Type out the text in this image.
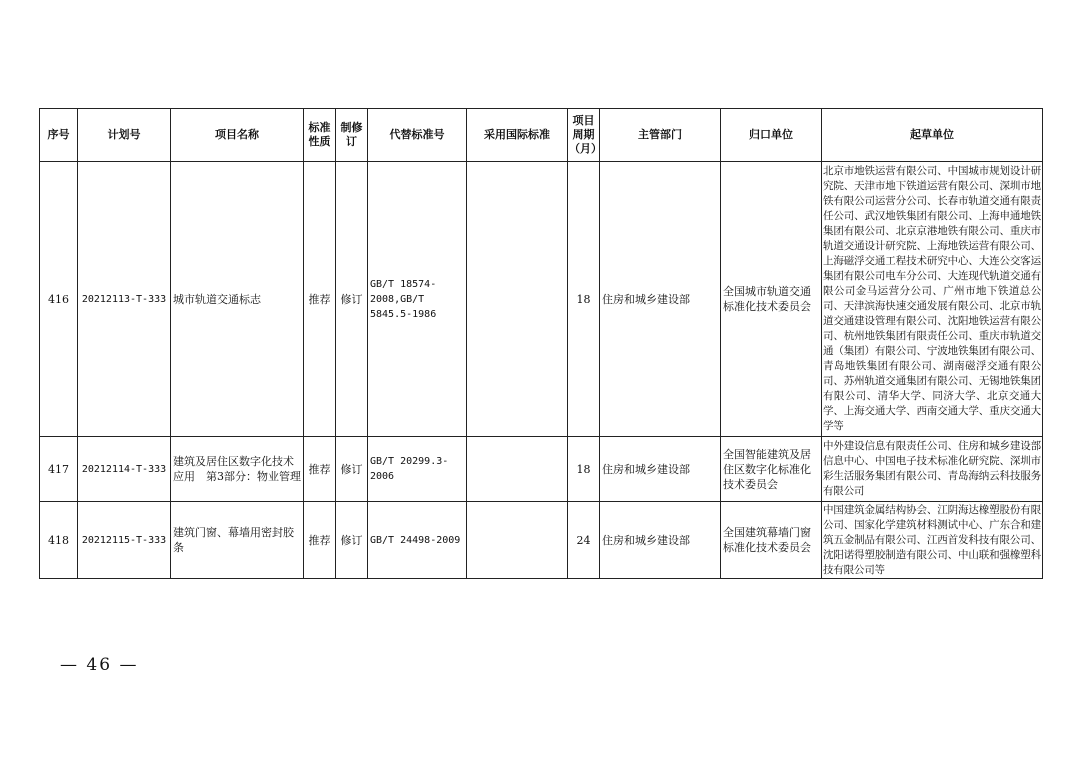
序号	计划号	项目名称	标准性质	制修订	代替标准号	采用国际标准	项目周期（月）	主管部门	归口单位	起草单位
416	20212113-T-333	城市轨道交通标志	推荐	修订	GB/T 18574-2008,GB/T 5845.5-1986		18	住房和城乡建设部	全国城市轨道交通标准化技术委员会	北京市地铁运营有限公司、中国城市规划设计研究院、天津市地下铁道运营有限公司、深圳市地铁有限公司运营分公司、长春市轨道交通有限责任公司、武汉地铁集团有限公司、上海申通地铁集团有限公司、北京京港地铁有限公司、重庆市轨道交通设计研究院、上海地铁运营有限公司、上海磁浮交通工程技术研究中心、大连公交客运集团有限公司电车分公司、大连现代轨道交通有限公司金马运营分公司、广州市地下铁道总公司、天津滨海快速交通发展有限公司、北京市轨道交通建设管理有限公司、沈阳地铁运营有限公司、杭州地铁集团有限责任公司、重庆市轨道交通（集团）有限公司、宁波地铁集团有限公司、青岛地铁集团有限公司、湖南磁浮交通有限公司、苏州轨道交通集团有限公司、无锡地铁集团有限公司、清华大学、同济大学、北京交通大学、上海交通大学、西南交通大学、重庆交通大学等
417	20212114-T-333	建筑及居住区数字化技术应用　第3部分：物业管理	推荐	修订	GB/T 20299.3-2006		18	住房和城乡建设部	全国智能建筑及居住区数字化标准化技术委员会	中外建设信息有限责任公司、住房和城乡建设部信息中心、中国电子技术标准化研究院、深圳市彩生活服务集团有限公司、青岛海纳云科技服务有限公司
418	20212115-T-333	建筑门窗、幕墙用密封胶条	推荐	修订	GB/T 24498-2009		24	住房和城乡建设部	全国建筑幕墙门窗标准化技术委员会	中国建筑金属结构协会、江阴海达橡塑股份有限公司、国家化学建筑材料测试中心、广东合和建筑五金制品有限公司、江西首发科技有限公司、沈阳诺得塑胶制造有限公司、中山联和强橡塑科技有限公司等
— 46 —
